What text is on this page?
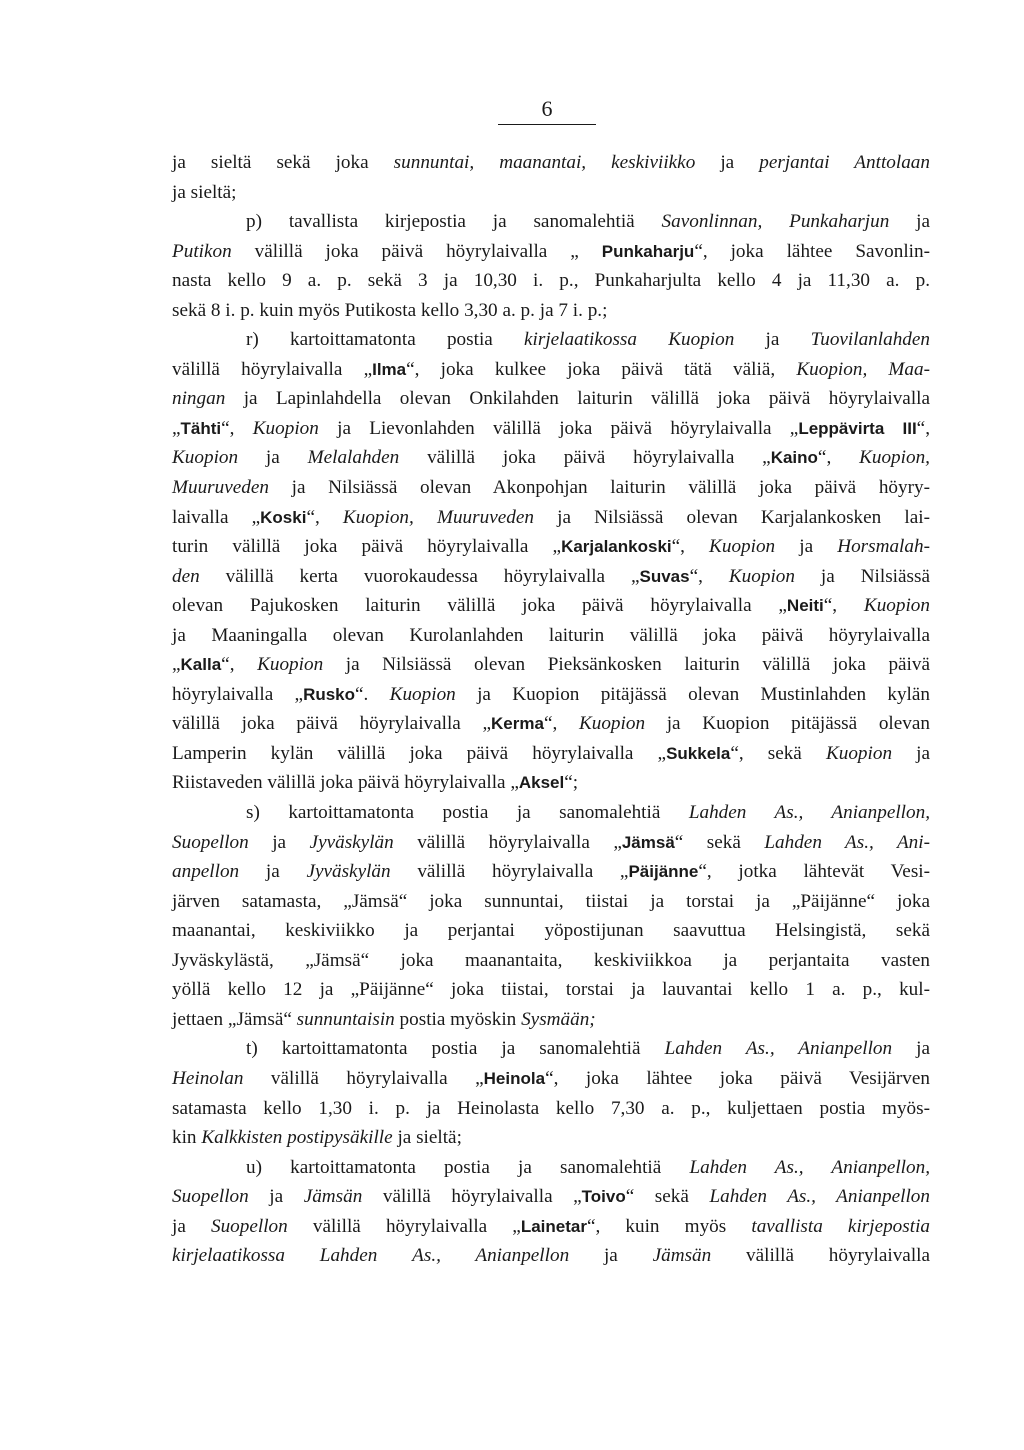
6
ja sieltä sekä joka sunnuntai, maanantai, keskiviikko ja perjantai Anttolaan
ja sieltä;
p) tavallista kirjepostia ja sanomalehtiä Savonlinnan, Punkaharjun ja
Putikon välillä joka päivä höyrylaivalla „ Punkaharju“, joka lähtee Savonlin-
nasta kello 9 a. p. sekä 3 ja 10,30 i. p., Punkaharjulta kello 4 ja 11,30 a. p.
sekä 8 i. p. kuin myös Putikosta kello 3,30 a. p. ja 7 i. p.;
r) kartoittamatonta postia kirjelaatikossa Kuopion ja Tuovilanlahden
välillä höyrylaivalla „Ilma“, joka kulkee joka päivä tätä väliä, Kuopion, Maa-
ningan ja Lapinlahdella olevan Onkilahden laiturin välillä joka päivä höyrylaivalla
„Tähti“, Kuopion ja Lievonlahden välillä joka päivä höyrylaivalla „Leppävirta III“,
Kuopion ja Melalahden välillä joka päivä höyrylaivalla „Kaino“, Kuopion,
Muuruveden ja Nilsiässä olevan Akonpohjan laiturin välillä joka päivä höyry-
laivalla „Koski“, Kuopion, Muuruveden ja Nilsiässä olevan Karjalankosken lai-
turin välillä joka päivä höyrylaivalla „Karjalankoski“, Kuopion ja Horsmalah-
den välillä kerta vuorokaudessa höyrylaivalla „Suvas“, Kuopion ja Nilsiässä
olevan Pajukosken laiturin välillä joka päivä höyrylaivalla „Neiti“, Kuopion
ja Maaningalla olevan Kurolanlahden laiturin välillä joka päivä höyrylaivalla
„Kalla“, Kuopion ja Nilsiässä olevan Pieksänkosken laiturin välillä joka päivä
höyrylaivalla „Rusko“. Kuopion ja Kuopion pitäjässä olevan Mustinlahden kylän
välillä joka päivä höyrylaivalla „Kerma“, Kuopion ja Kuopion pitäjässä olevan
Lamperin kylän välillä joka päivä höyrylaivalla „Sukkela“, sekä Kuopion ja
Riistaveden välillä joka päivä höyrylaivalla „Aksel“;
s) kartoittamatonta postia ja sanomalehtiä Lahden As., Anianpellon,
Suopellon ja Jyväskylän välillä höyrylaivalla „Jämsä“ sekä Lahden As., Ani-
anpellon ja Jyväskylän välillä höyrylaivalla „Päijänne“, jotka lähtevät Vesi-
järven satamasta, „Jämsä“ joka sunnuntai, tiistai ja torstai ja „Päijänne“ joka
maanantai, keskiviikko ja perjantai yöpostijunan saavuttua Helsingistä, sekä
Jyväskylästä, „Jämsä“ joka maanantaita, keskiviikkoa ja perjantaita vasten
yöllä kello 12 ja „Päijänne“ joka tiistai, torstai ja lauvantai kello 1 a. p., kul-
jettaen „Jämsä“ sunnuntaisin postia myöskin Sysmään;
t) kartoittamatonta postia ja sanomalehtiä Lahden As., Anianpellon ja
Heinolan välillä höyrylaivalla „Heinola“, joka lähtee joka päivä Vesijärven
satamasta kello 1,30 i. p. ja Heinolasta kello 7,30 a. p., kuljettaen postia myös-
kin Kalkkisten postipysäkille ja sieltä;
u) kartoittamatonta postia ja sanomalehtiä Lahden As., Anianpellon,
Suopellon ja Jämsän välillä höyrylaivalla „Toivo“ sekä Lahden As., Anianpellon
ja Suopellon välillä höyrylaivalla „Lainetar“, kuin myös tavallista kirjepostia
kirjelaatikossa Lahden As., Anianpellon ja Jämsän välillä höyrylaivalla
